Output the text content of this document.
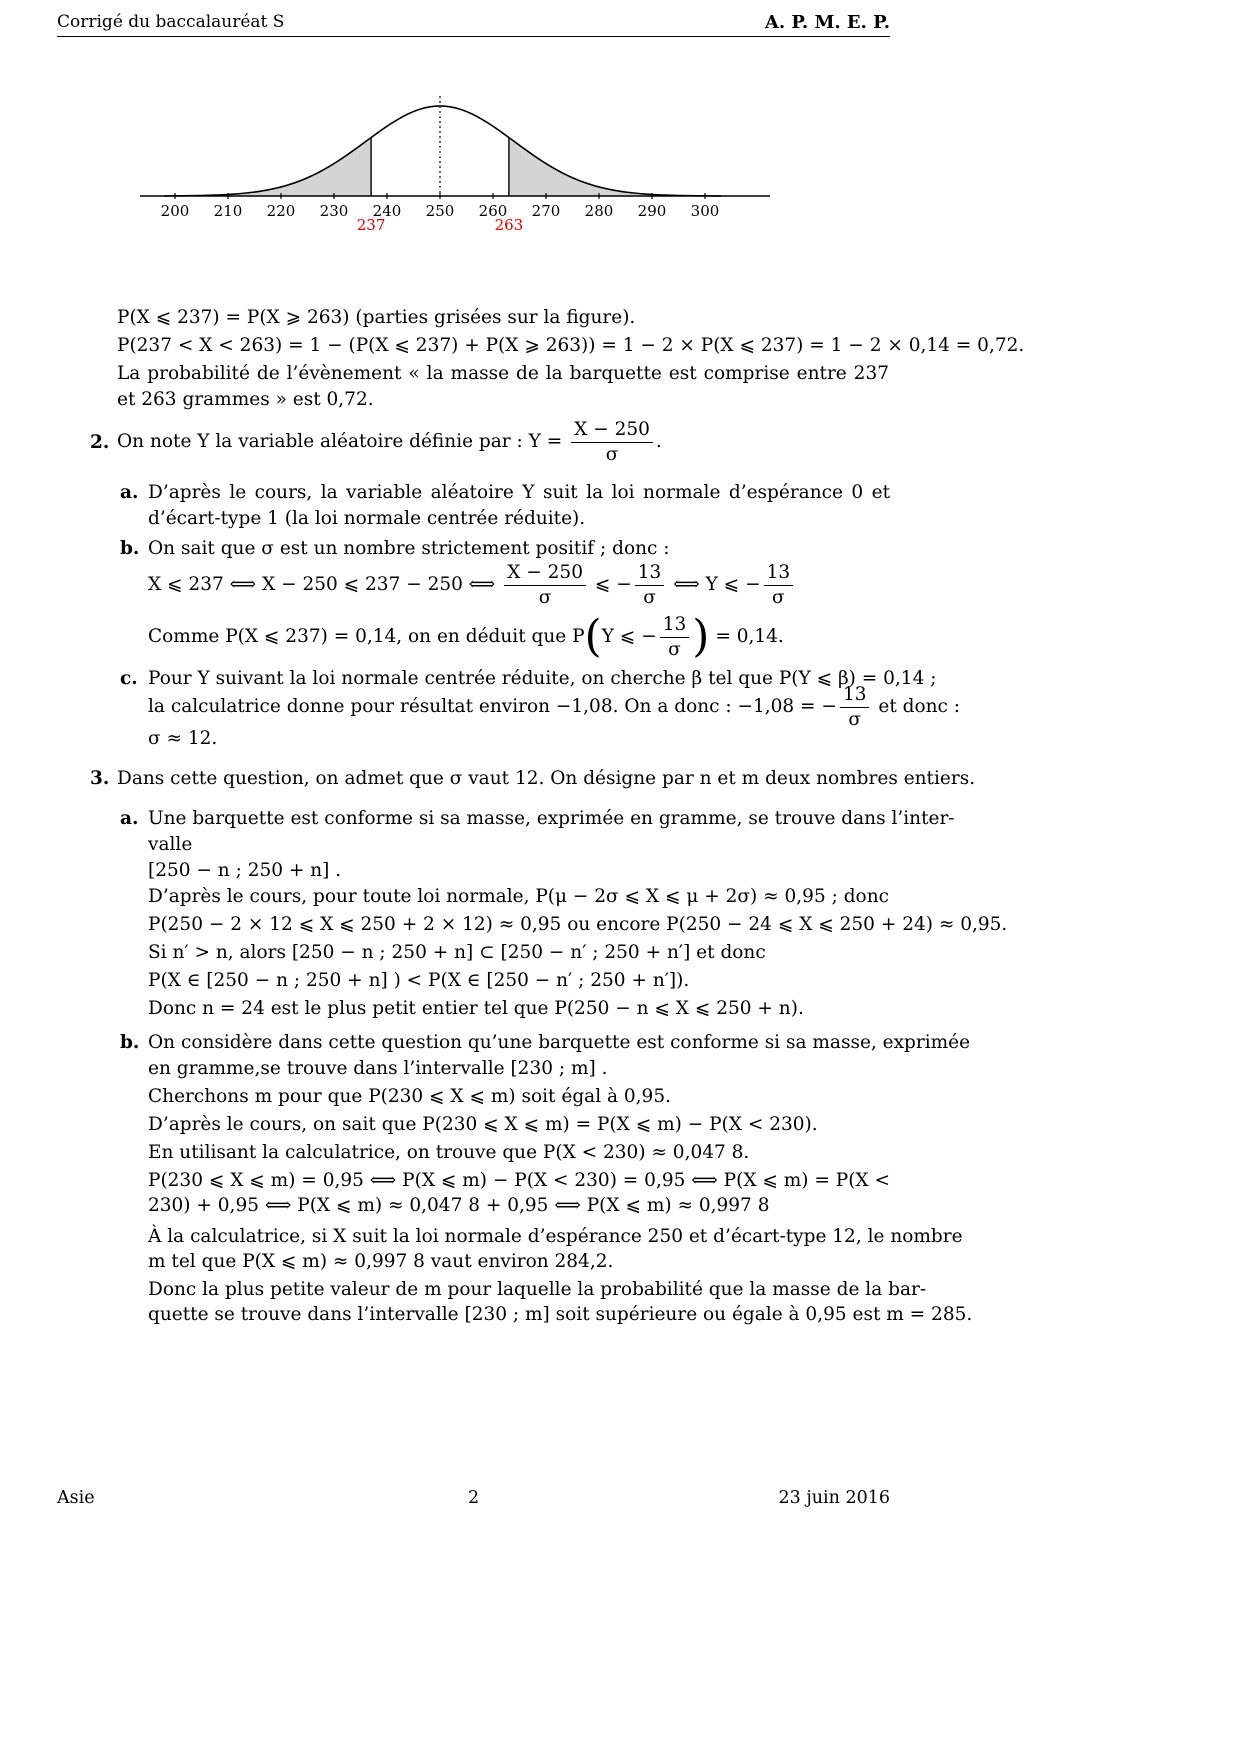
Corrigé du baccalauréat S	A. P. M. E. P.
200 210 220 230 240 250 260 270 280 290 300
237	263
P(X ⩽ 237) = P(X ⩾ 263) (parties grisées sur la figure).
P(237 < X < 263) = 1 − (P(X ⩽ 237) + P(X ⩾ 263)) = 1 − 2 × P(X ⩽ 237) = 1 − 2 × 0,14 = 0,72.
La probabilité de l’évènement « la masse de la barquette est comprise entre 237 et 263 grammes » est 0,72.
2. On note Y la variable aléatoire définie par : $Y = \frac{X - 250}{\sigma}$ .
a. D’après le cours, la variable aléatoire Y suit la loi normale d’espérance 0 et d’écart-type 1 (la loi normale centrée réduite).
b. On sait que σ est un nombre strictement positif ; donc :
X ⩽ 237 ⟺ X − 250 ⩽ 237 − 250 ⟺ $\frac{X - 250}{\sigma}$ ⩽ − $\frac{13}{\sigma}$ ⟺ Y ⩽ − $\frac{13}{\sigma}$
Comme P(X ⩽ 237) = 0,14, on en déduit que P(Y ⩽ − $\frac{13}{\sigma}$ ) = 0,14.
c. Pour Y suivant la loi normale centrée réduite, on cherche β tel que P(Y ⩽ β) = 0,14 ;
la calculatrice donne pour résultat environ −1,08. On a donc : −1,08 = − $\frac{13}{\sigma}$ et donc :
σ ≈ 12.
3. Dans cette question, on admet que σ vaut 12. On désigne par n et m deux nombres entiers.
a. Une barquette est conforme si sa masse, exprimée en gramme, se trouve dans l’inter-
valle
[250 − n ; 250 + n] .
D’après le cours, pour toute loi normale, P(μ − 2σ ⩽ X ⩽ μ + 2σ) ≈ 0,95 ; donc
P(250 − 2 × 12 ⩽ X ⩽ 250 + 2 × 12) ≈ 0,95 ou encore P(250 − 24 ⩽ X ⩽ 250 + 24) ≈ 0,95.
Si n′ > n, alors [250 − n ; 250 + n] ⊂ [250 − n′ ; 250 + n′] et donc
P(X ∈ [250 − n ; 250 + n] ) < P(X ∈ [250 − n′ ; 250 + n′]).
Donc n = 24 est le plus petit entier tel que P(250 − n ⩽ X ⩽ 250 + n).
b. On considère dans cette question qu’une barquette est conforme si sa masse, exprimée
en gramme,se trouve dans l’intervalle [230 ; m] .
Cherchons m pour que P(230 ⩽ X ⩽ m) soit égal à 0,95.
D’après le cours, on sait que P(230 ⩽ X ⩽ m) = P(X ⩽ m) − P(X < 230).
En utilisant la calculatrice, on trouve que P(X < 230) ≈ 0,047 8.
P(230 ⩽ X ⩽ m) = 0,95 ⟺ P(X ⩽ m) − P(X < 230) = 0,95 ⟺ P(X ⩽ m) = P(X <
230) + 0,95 ⟺ P(X ⩽ m) ≈ 0,047 8 + 0,95 ⟺ P(X ⩽ m) ≈ 0,997 8
À la calculatrice, si X suit la loi normale d’espérance 250 et d’écart-type 12, le nombre
m tel que P(X ⩽ m) ≈ 0,997 8 vaut environ 284,2.
Donc la plus petite valeur de m pour laquelle la probabilité que la masse de la bar-
quette se trouve dans l’intervalle [230 ; m] soit supérieure ou égale à 0,95 est m = 285.
Asie	2	23 juin 2016
